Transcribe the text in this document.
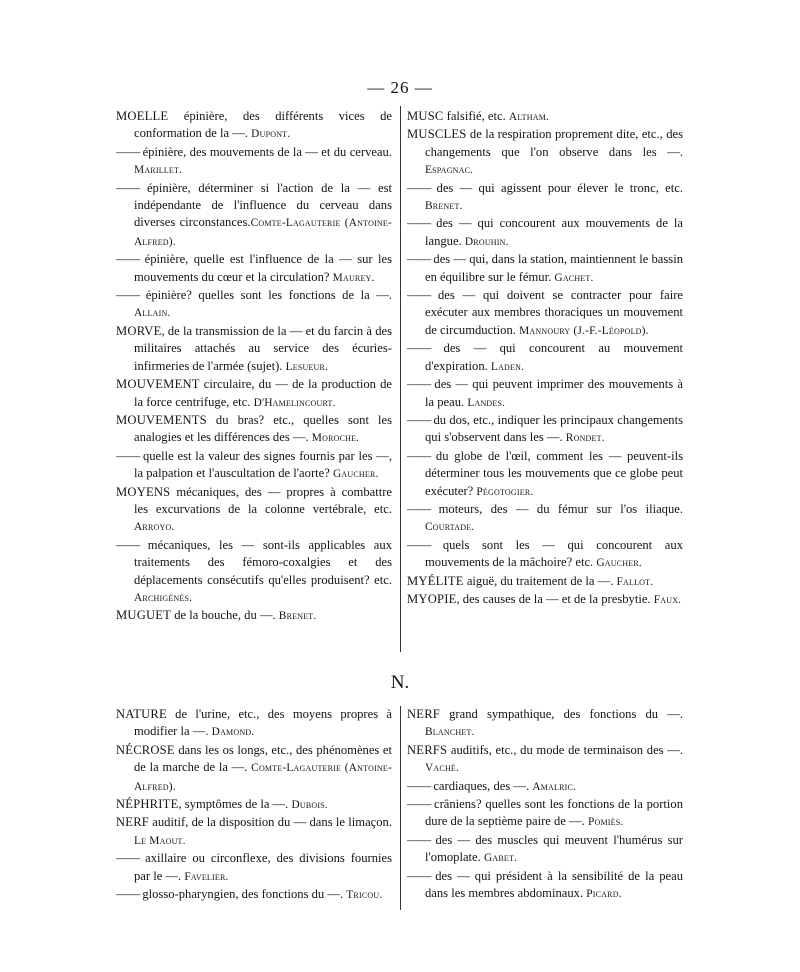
— 26 —
MOELLE épinière, des différents vices de conformation de la —. Dupont.
—— épinière, des mouvements de la — et du cerveau. Marillet.
—— épinière, déterminer si l'action de la — est indépendante de l'influence du cerveau dans diverses circonstances.Comte-Lagauterie (Antoine-Alfred).
—— épinière, quelle est l'influence de la — sur les mouvements du cœur et la circulation? Maurey.
—— épinière? quelles sont les fonctions de la —. Allain.
MORVE, de la transmission de la — et du farcin à des militaires attachés au service des écuries-infirmeries de l'armée (sujet). Lesueur.
MOUVEMENT circulaire, du — de la production de la force centrifuge, etc. D'Hamelincourt.
MOUVEMENTS du bras? etc., quelles sont les analogies et les différences des —. Moroche.
—— quelle est la valeur des signes fournis par les —, la palpation et l'auscultation de l'aorte? Gaucher.
MOYENS mécaniques, des — propres à combattre les excurvations de la colonne vertébrale, etc. Arroyo.
—— mécaniques, les — sont-ils applicables aux traitements des fémoro-coxalgies et des déplacements consécutifs qu'elles produisent? etc. Archigénès.
MUGUET de la bouche, du —. Brenet.
MUSC falsifié, etc. Altham.
MUSCLES de la respiration proprement dite, etc., des changements que l'on observe dans les —. Espagnac.
—— des — qui agissent pour élever le tronc, etc. Brenet.
—— des — qui concourent aux mouvements de la langue. Drouhin.
—— des — qui, dans la station, maintiennent le bassin en équilibre sur le fémur. Gachet.
—— des — qui doivent se contracter pour faire exécuter aux membres thoraciques un mouvement de circumduction. Mannoury (J.-F.-Léopold).
—— des — qui concourent au mouvement d'expiration. Laden.
—— des — qui peuvent imprimer des mouvements à la peau. Landes.
—— du dos, etc., indiquer les principaux changements qui s'observent dans les —. Rondet.
—— du globe de l'œil, comment les — peuvent-ils déterminer tous les mouvements que ce globe peut exécuter? Pégotogier.
—— moteurs, des — du fémur sur l'os iliaque. Courtade.
—— quels sont les — qui concourent aux mouvements de la mâchoire? etc. Gaucher.
MYÉLITE aiguë, du traitement de la —. Fallot.
MYOPIE, des causes de la — et de la presbytie. Faux.
N.
NATURE de l'urine, etc., des moyens propres à modifier la —. Damond.
NÉCROSE dans les os longs, etc., des phénomènes et de la marche de la —. Comte-Lagauterie (Antoine-Alfred).
NÉPHRITE, symptômes de la —. Dubois.
NERF auditif, de la disposition du — dans le limaçon. Le Maout.
—— axillaire ou circonflexe, des divisions fournies par le —. Favelier.
—— glosso-pharyngien, des fonctions du —. Tricou.
NERF grand sympathique, des fonctions du —. Blanchet.
NERFS auditifs, etc., du mode de terminaison des —. Vaché.
—— cardiaques, des —. Amalric.
—— crâniens? quelles sont les fonctions de la portion dure de la septième paire de —. Pomiès.
—— des — des muscles qui meuvent l'humérus sur l'omoplate. Gabet.
—— des — qui président à la sensibilité de la peau dans les membres abdominaux. Picard.
